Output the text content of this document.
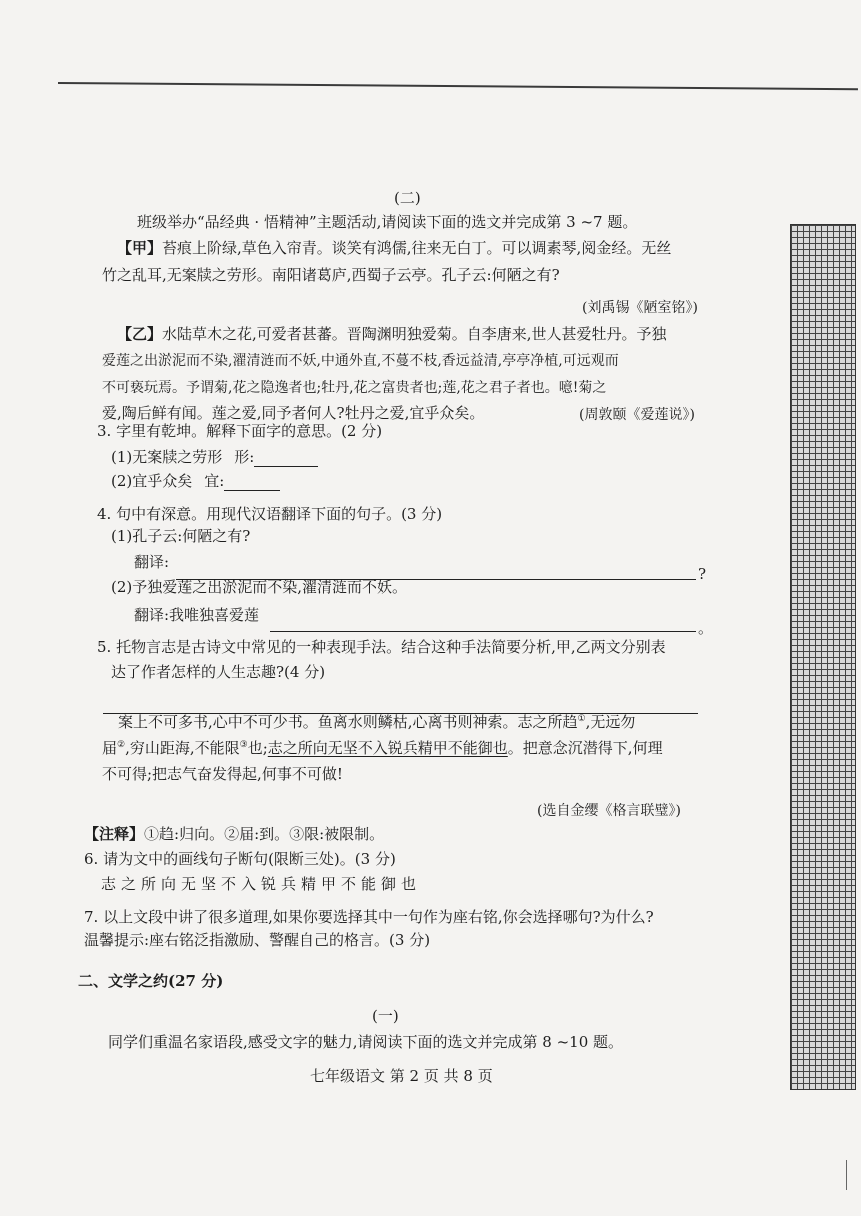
(二)
班级举办“品经典 · 悟精神”主题活动,请阅读下面的选文并完成第 3 ~7 题。
【甲】苔痕上阶绿,草色入帘青。谈笑有鸿儒,往来无白丁。可以调素琴,阅金经。无丝
竹之乱耳,无案牍之劳形。南阳诸葛庐,西蜀子云亭。孔子云:何陋之有?
(刘禹锡《陋室铭》)
【乙】水陆草木之花,可爱者甚蕃。晋陶渊明独爱菊。自李唐来,世人甚爱牡丹。予独
爱莲之出淤泥而不染,濯清涟而不妖,中通外直,不蔓不枝,香远益清,亭亭净植,可远观而
不可亵玩焉。予谓菊,花之隐逸者也;牡丹,花之富贵者也;莲,花之君子者也。噫!菊之
爱,陶后鲜有闻。莲之爱,同予者何人?牡丹之爱,宜乎众矣。	(周敦颐《爱莲说》)
3. 字里有乾坤。解释下面字的意思。(2 分)
(1)无案牍之劳形 形:
(2)宜乎众矣 宜:
4. 句中有深意。用现代汉语翻译下面的句子。(3 分)
(1)孔子云:何陋之有?
翻译:
?
(2)予独爱莲之出淤泥而不染,濯清涟而不妖。
翻译:我唯独喜爱莲
。
5. 托物言志是古诗文中常见的一种表现手法。结合这种手法简要分析,甲,乙两文分别表
达了作者怎样的人生志趣?(4 分)
案上不可多书,心中不可少书。鱼离水则鳞枯,心离书则神索。志之所趋①,无远勿
届②,穷山距海,不能限③也;志之所向无坚不入锐兵精甲不能御也。把意念沉潜得下,何理
不可得;把志气奋发得起,何事不可做!
(选自金缨《格言联璧》)
【注释】①趋:归向。②届:到。③限:被限制。
6. 请为文中的画线句子断句(限断三处)。(3 分)
志之所向无坚不入锐兵精甲不能御也
7. 以上文段中讲了很多道理,如果你要选择其中一句作为座右铭,你会选择哪句?为什么?
温馨提示:座右铭泛指激励、警醒自己的格言。(3 分)
二、文学之约(27 分)
(一)
同学们重温名家语段,感受文字的魅力,请阅读下面的选文并完成第 8 ~10 题。
七年级语文 第 2 页 共 8 页
